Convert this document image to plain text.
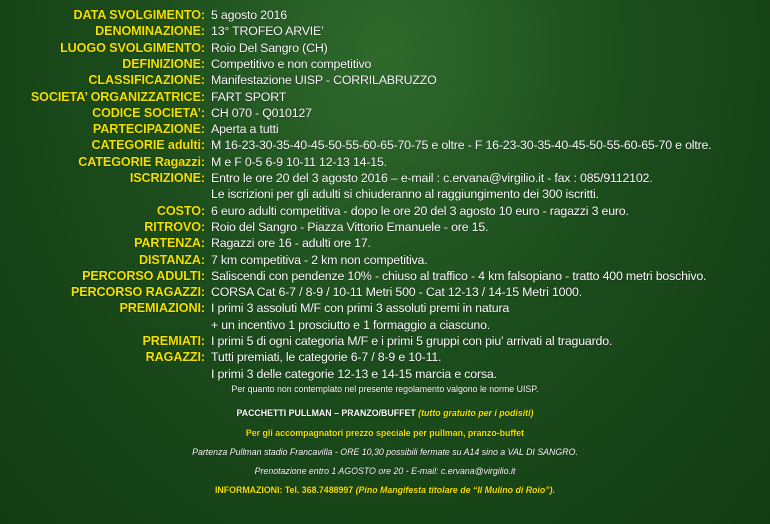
Per quanto non contemplato nel presente regolamento valgono le norme UISP.
PACCHETTI PULLMAN – PRANZO/BUFFET (tutto gratuito per i podisiti)
Per gli accompagnatori prezzo speciale per pullman, pranzo-buffet
Partenza Pullman stadio Francavilla - ORE 10,30 possibili fermate su A14 sino a VAL DI SANGRO.
Prenotazione entro 1 AGOSTO ore 20 - E-mail: c.ervana@virgilio.it
INFORMAZIONI: Tel. 368.7488997 (Pino Mangifesta titolare de “Il Mulino di Roio”).
DATA SVOLGIMENTO: 5 agosto 2016
DENOMINAZIONE: 13° TROFEO ARVIE’
LUOGO SVOLGIMENTO: Roio Del Sangro (CH)
DEFINIZIONE: Competitivo e non competitivo
CLASSIFICAZIONE: Manifestazione UISP - CORRILABRUZZO
SOCIETA’ ORGANIZZATRICE: FART SPORT
CODICE SOCIETA’: CH 070 - Q010127
PARTECIPAZIONE: Aperta a tutti
CATEGORIE adulti: M 16-23-30-35-40-45-50-55-60-65-70-75 e oltre - F 16-23-30-35-40-45-50-55-60-65-70 e oltre.
CATEGORIE Ragazzi: M e F 0-5 6-9 10-11 12-13 14-15.
ISCRIZIONE: Entro le ore 20 del 3 agosto 2016 – e-mail : c.ervana@virgilio.it - fax : 085/9112102.
Le iscrizioni per gli adulti si chiuderanno al raggiungimento dei 300 iscritti.
COSTO: 6 euro adulti competitiva - dopo le ore 20 del 3 agosto 10 euro - ragazzi 3 euro.
RITROVO: Roio del Sangro - Piazza Vittorio Emanuele - ore 15.
PARTENZA: Ragazzi ore 16 - adulti ore 17.
DISTANZA: 7 km competitiva - 2 km non competitiva.
PERCORSO ADULTI: Saliscendi con pendenze 10% - chiuso al traffico - 4 km falsopiano - tratto 400 metri boschivo.
PERCORSO RAGAZZI: CORSA Cat 6-7 / 8-9 / 10-11 Metri 500 - Cat 12-13 / 14-15 Metri 1000.
PREMIAZIONI: I primi 3 assoluti M/F con primi 3 assoluti premi in natura
+ un incentivo 1 prosciutto e 1 formaggio a ciascuno.
PREMIATI: I primi 5 di ogni categoria M/F e i primi 5 gruppi con piu’ arrivati al traguardo.
RAGAZZI: Tutti premiati, le categorie 6-7 / 8-9 e 10-11.
I primi 3 delle categorie 12-13 e 14-15 marcia e corsa.
